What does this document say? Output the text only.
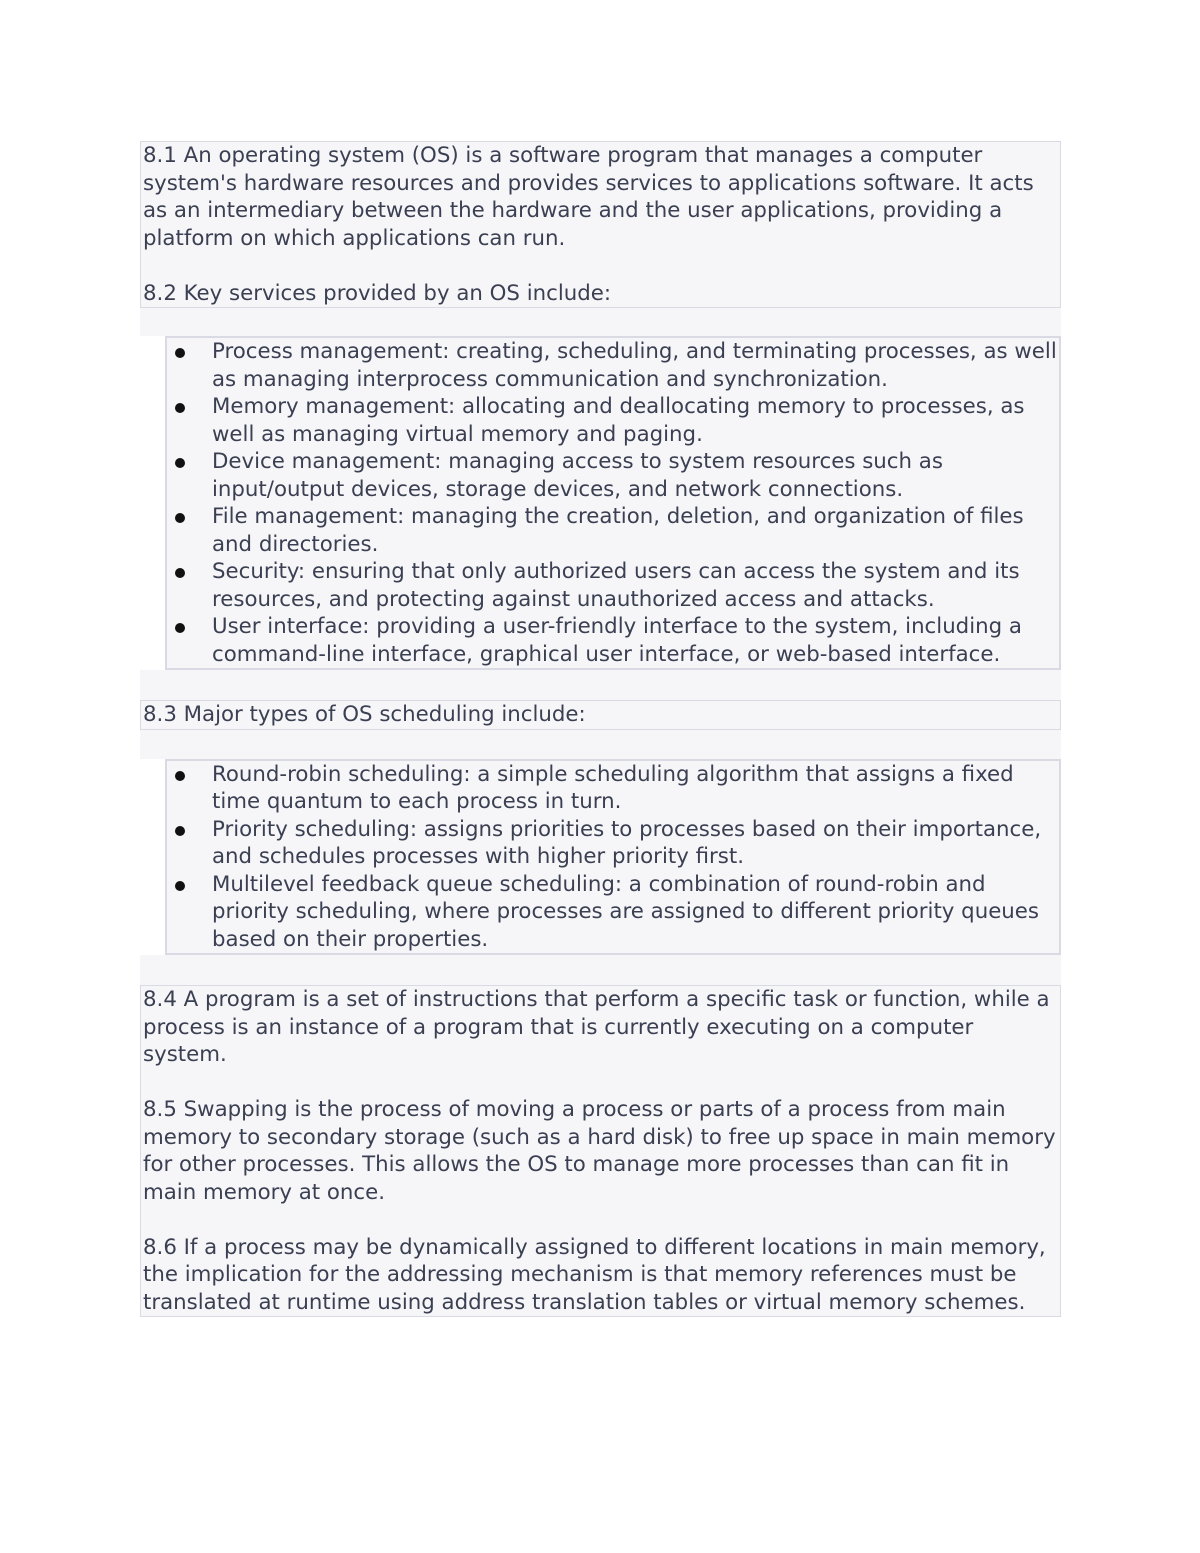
8.1 An operating system (OS) is a software program that manages a computer system's hardware resources and provides services to applications software. It acts as an intermediary between the hardware and the user applications, providing a platform on which applications can run.

8.2 Key services provided by an OS include:

Process management: creating, scheduling, and terminating processes, as well as managing interprocess communication and synchronization.
Memory management: allocating and deallocating memory to processes, as well as managing virtual memory and paging.
Device management: managing access to system resources such as input/output devices, storage devices, and network connections.
File management: managing the creation, deletion, and organization of files and directories.
Security: ensuring that only authorized users can access the system and its resources, and protecting against unauthorized access and attacks.
User interface: providing a user-friendly interface to the system, including a command-line interface, graphical user interface, or web-based interface.

8.3 Major types of OS scheduling include:

Round-robin scheduling: a simple scheduling algorithm that assigns a fixed time quantum to each process in turn.
Priority scheduling: assigns priorities to processes based on their importance, and schedules processes with higher priority first.
Multilevel feedback queue scheduling: a combination of round-robin and priority scheduling, where processes are assigned to different priority queues based on their properties.

8.4 A program is a set of instructions that perform a specific task or function, while a process is an instance of a program that is currently executing on a computer system.

8.5 Swapping is the process of moving a process or parts of a process from main memory to secondary storage (such as a hard disk) to free up space in main memory for other processes. This allows the OS to manage more processes than can fit in main memory at once.

8.6 If a process may be dynamically assigned to different locations in main memory, the implication for the addressing mechanism is that memory references must be translated at runtime using address translation tables or virtual memory schemes.
